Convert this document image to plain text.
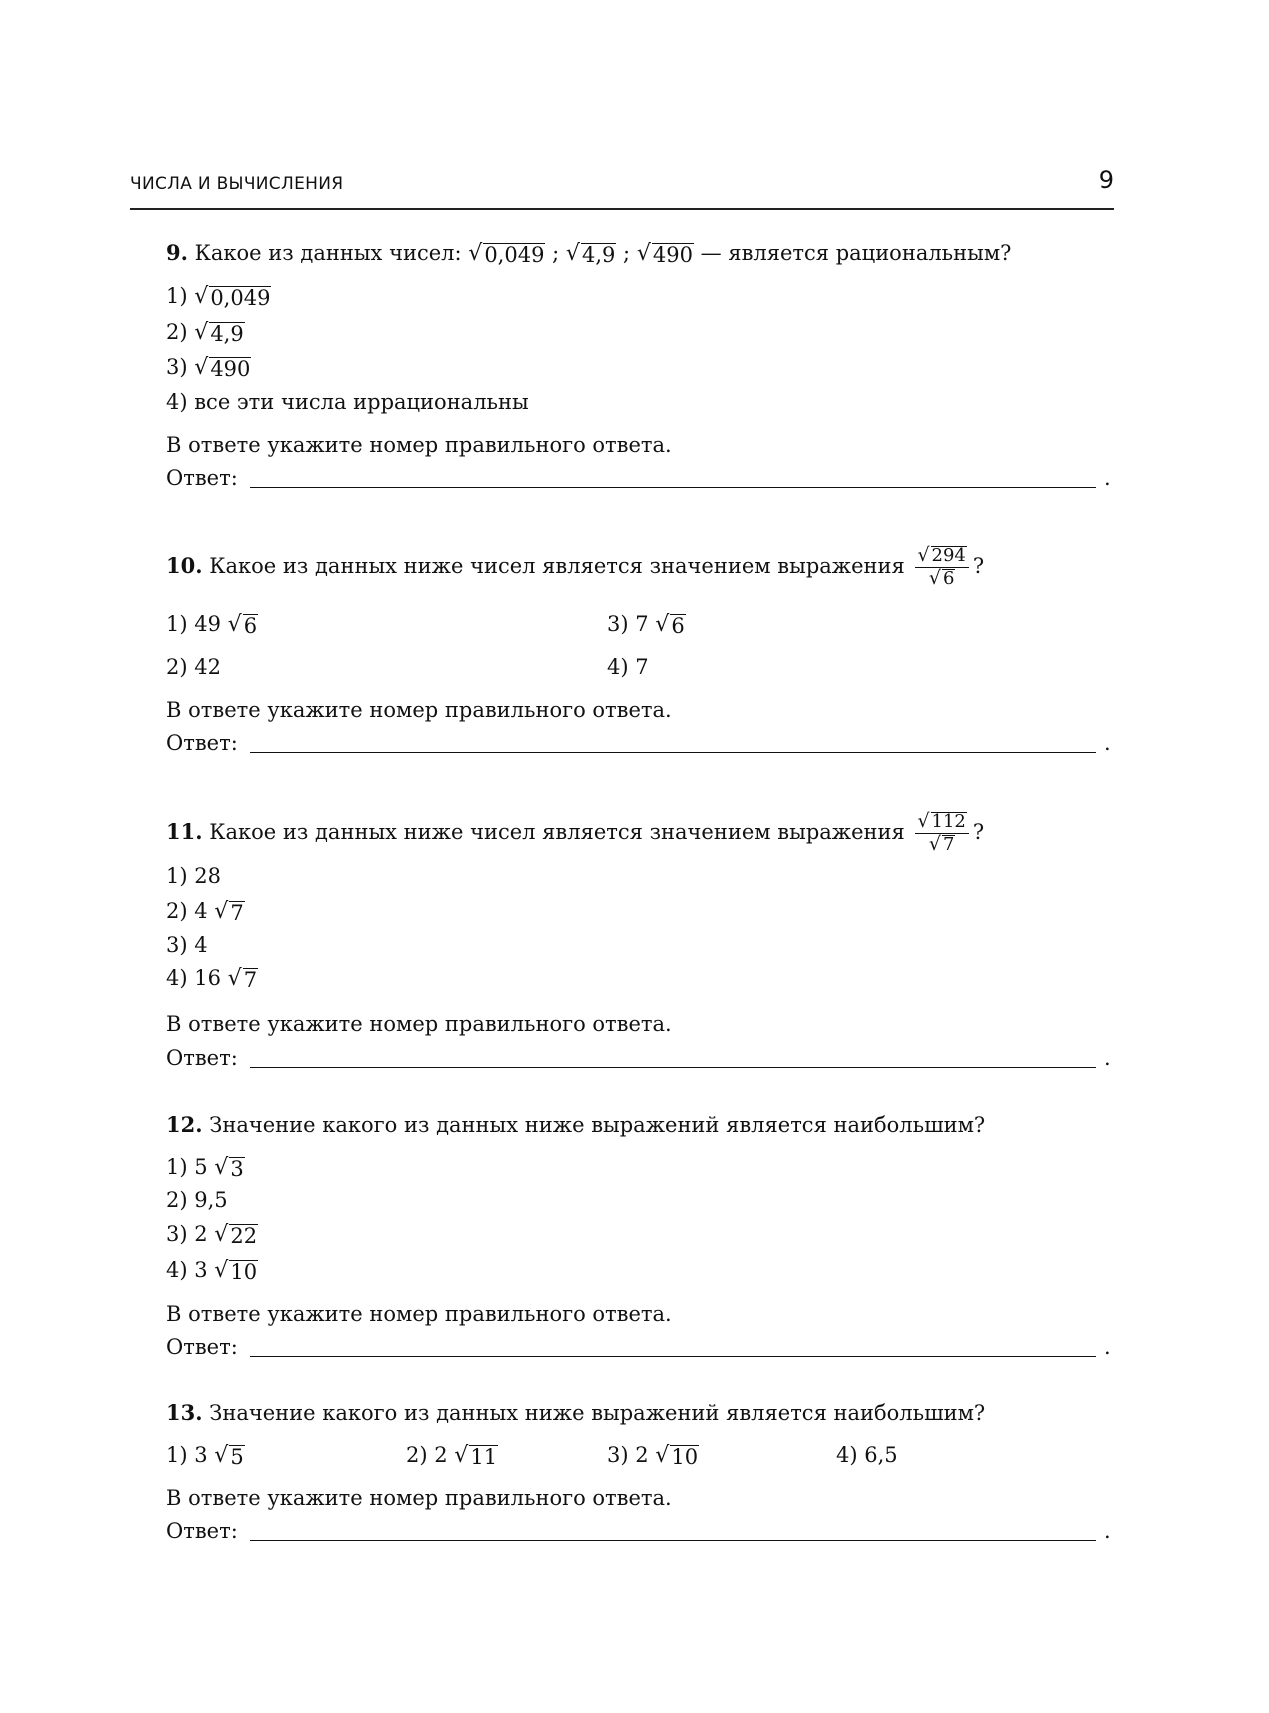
ЧИСЛА И ВЫЧИСЛЕНИЯ	9
9. Какое из данных чисел: √ 0,049 ; √ 4,9 ; √ 490 — является рациональным?
1) √ 0,049
2) √ 4,9
3) √ 490
4) все эти числа иррациональны
В ответе укажите номер правильного ответа.
Ответ:	.
10. Какое из данных ниже чисел является значением выражения $\frac{√ 294}{√ 6}$ ?
1) 49 √ 6	3) 7 √ 6
2) 42	4) 7
В ответе укажите номер правильного ответа.
Ответ:	.
11. Какое из данных ниже чисел является значением выражения $\frac{√ 112}{√ 7}$ ?
1) 28
2) 4 √ 7
3) 4
4) 16 √ 7
В ответе укажите номер правильного ответа.
Ответ:	.
12. Значение какого из данных ниже выражений является наибольшим?
1) 5 √ 3
2) 9,5
3) 2 √ 22
4) 3 √ 10
В ответе укажите номер правильного ответа.
Ответ:	.
13. Значение какого из данных ниже выражений является наибольшим?
1) 3 √ 5	2) 2 √ 11	3) 2 √ 10	4) 6,5
В ответе укажите номер правильного ответа.
Ответ:	.
